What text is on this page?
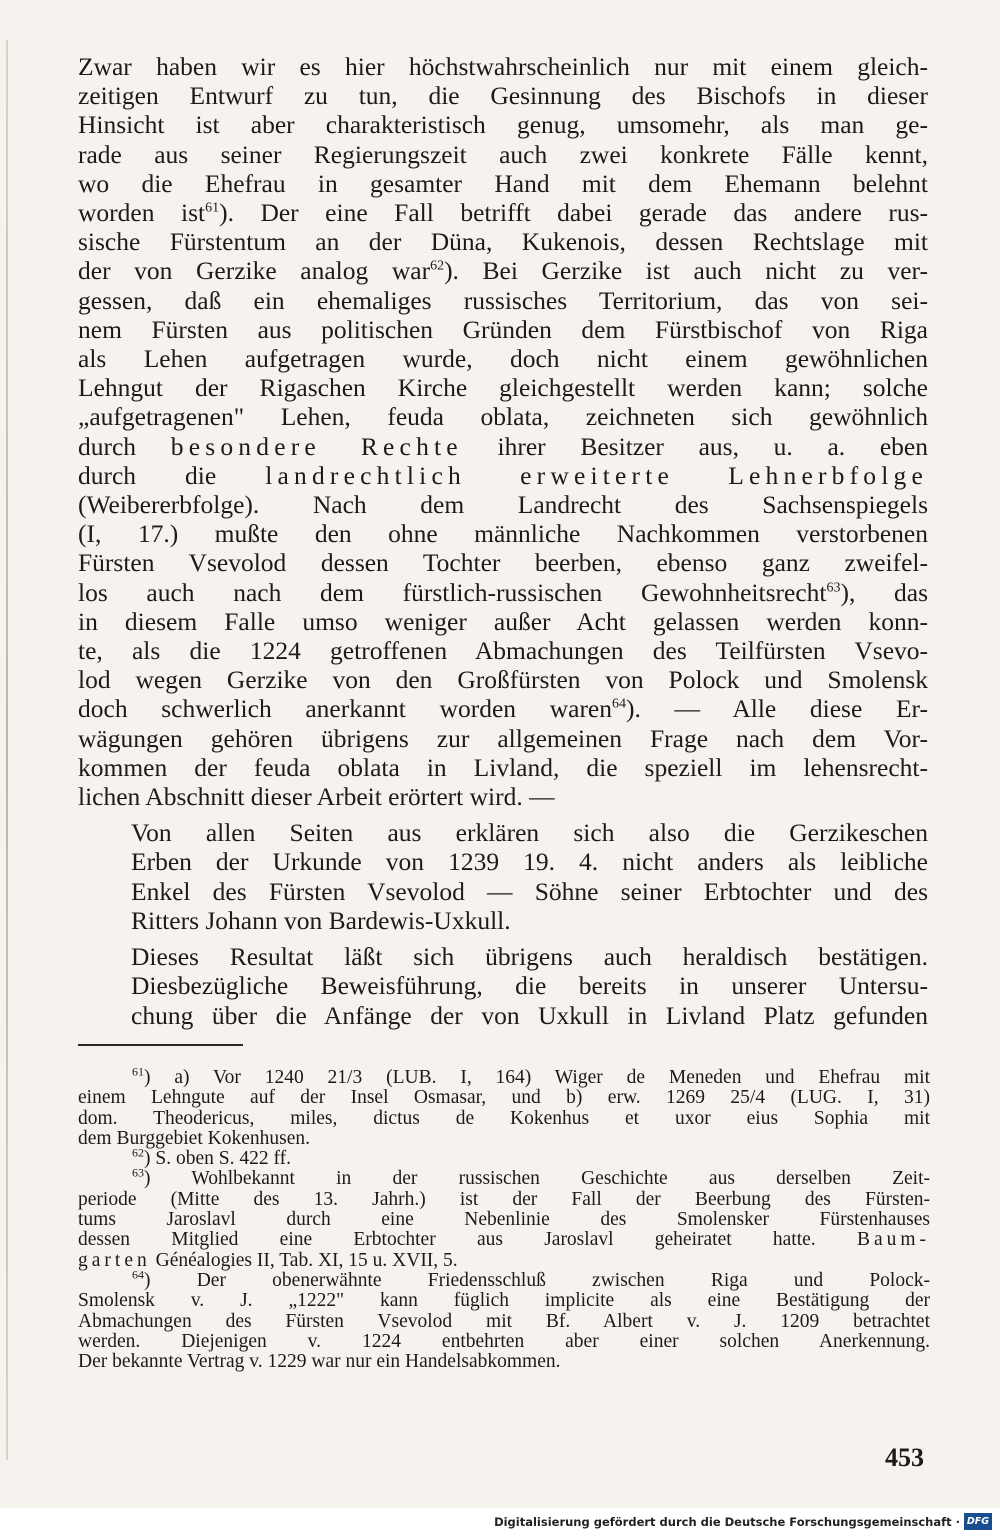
Zwar haben wir es hier höchstwahrscheinlich nur mit einem gleich-
zeitigen Entwurf zu tun, die Gesinnung des Bischofs in dieser
Hinsicht ist aber charakteristisch genug, umsomehr, als man ge-
rade aus seiner Regierungszeit auch zwei konkrete Fälle kennt,
wo die Ehefrau in gesamter Hand mit dem Ehemann belehnt
worden ist$^{61}$). Der eine Fall betrifft dabei gerade das andere rus-
sische Fürstentum an der Düna, Kukenois, dessen Rechtslage mit
der von Gerzike analog war$^{62}$). Bei Gerzike ist auch nicht zu ver-
gessen, daß ein ehemaliges russisches Territorium, das von sei-
nem Fürsten aus politischen Gründen dem Fürstbischof von Riga
als Lehen aufgetragen wurde, doch nicht einem gewöhnlichen
Lehngut der Rigaschen Kirche gleichgestellt werden kann; solche
„aufgetragenen" Lehen, feuda oblata, zeichneten sich gewöhnlich
durch besondere Rechte ihrer Besitzer aus, u. a. eben
durch die landrechtlich erweiterte Lehnerbfolge
(Weibererbfolge). Nach dem Landrecht des Sachsenspiegels
(I, 17.) mußte den ohne männliche Nachkommen verstorbenen
Fürsten Vsevolod dessen Tochter beerben, ebenso ganz zweifel-
los auch nach dem fürstlich-russischen Gewohnheitsrecht$^{63}$), das
in diesem Falle umso weniger außer Acht gelassen werden konn-
te, als die 1224 getroffenen Abmachungen des Teilfürsten Vsevo-
lod wegen Gerzike von den Großfürsten von Polock und Smolensk
doch schwerlich anerkannt worden waren$^{64}$). — Alle diese Er-
wägungen gehören übrigens zur allgemeinen Frage nach dem Vor-
kommen der feuda oblata in Livland, die speziell im lehensrecht-
lichen Abschnitt dieser Arbeit erörtert wird. —

Von allen Seiten aus erklären sich also die Gerzikeschen
Erben der Urkunde von 1239 19. 4. nicht anders als leibliche
Enkel des Fürsten Vsevolod — Söhne seiner Erbtochter und des
Ritters Johann von Bardewis-Uxkull.

Dieses Resultat läßt sich übrigens auch heraldisch bestätigen.
Diesbezügliche Beweisführung, die bereits in unserer Untersu-
chung über die Anfänge der von Uxkull in Livland Platz gefunden

$^{61}$) a) Vor 1240 21/3 (LUB. I, 164) Wiger de Meneden und Ehefrau mit
einem Lehngute auf der Insel Osmasar, und b) erw. 1269 25/4 (LUG. I, 31)
dom. Theodericus, miles, dictus de Kokenhus et uxor eius Sophia mit
dem Burggebiet Kokenhusen.
$^{62}$) S. oben S. 422 ff.
$^{63}$) Wohlbekannt in der russischen Geschichte aus derselben Zeit-
periode (Mitte des 13. Jahrh.) ist der Fall der Beerbung des Fürsten-
tums Jaroslavl durch eine Nebenlinie des Smolensker Fürstenhauses
dessen Mitglied eine Erbtochter aus Jaroslavl geheiratet hatte. Baum-
garten Généalogies II, Tab. XI, 15 u. XVII, 5.
$^{64}$) Der obenerwähnte Friedensschluß zwischen Riga und Polock-
Smolensk v. J. „1222" kann füglich implicite als eine Bestätigung der
Abmachungen des Fürsten Vsevolod mit Bf. Albert v. J. 1209 betrachtet
werden. Diejenigen v. 1224 entbehrten aber einer solchen Anerkennung.
Der bekannte Vertrag v. 1229 war nur ein Handelsabkommen.
453
Digitalisierung gefördert durch die Deutsche Forschungsgemeinschaft · DFG
